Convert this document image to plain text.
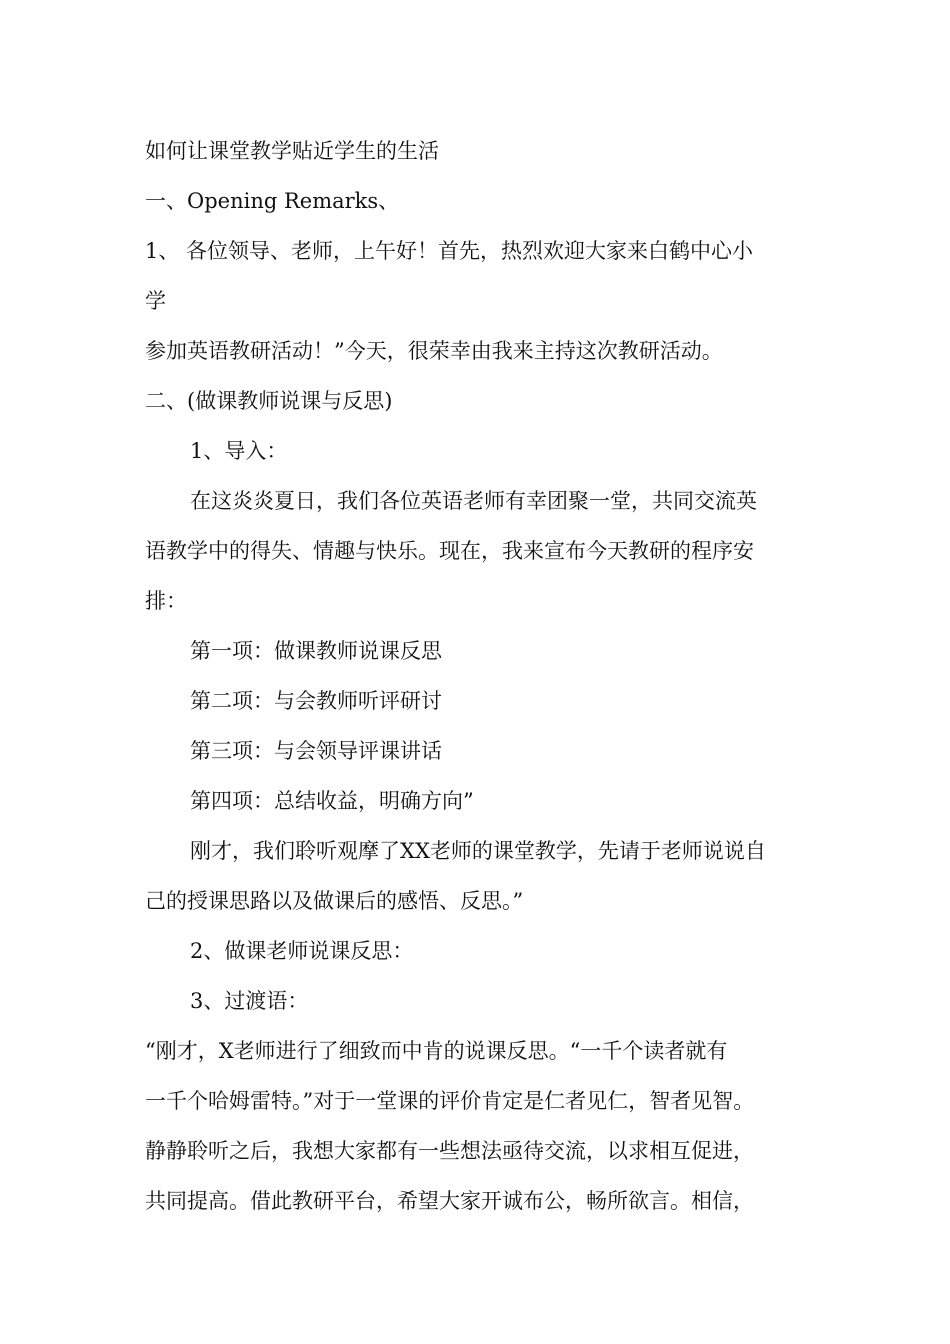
如何让课堂教学贴近学生的生活
一、Opening Remarks、
1、 各位领导、老师，上午好！首先，热烈欢迎大家来白鹤中心小
学
参加英语教研活动！”今天，很荣幸由我来主持这次教研活动。
二、(做课教师说课与反思)
1、导入：
在这炎炎夏日，我们各位英语老师有幸团聚一堂，共同交流英
语教学中的得失、情趣与快乐。现在，我来宣布今天教研的程序安
排：
第一项：做课教师说课反思
第二项：与会教师听评研讨
第三项：与会领导评课讲话
第四项：总结收益，明确方向”
刚才，我们聆听观摩了XX老师的课堂教学，先请于老师说说自
己的授课思路以及做课后的感悟、反思。”
2、做课老师说课反思：
3、过渡语：
“刚才，X老师进行了细致而中肯的说课反思。“一千个读者就有
一千个哈姆雷特。”对于一堂课的评价肯定是仁者见仁，智者见智。
静静聆听之后，我想大家都有一些想法亟待交流，以求相互促进，
共同提高。借此教研平台，希望大家开诚布公，畅所欲言。相信，
